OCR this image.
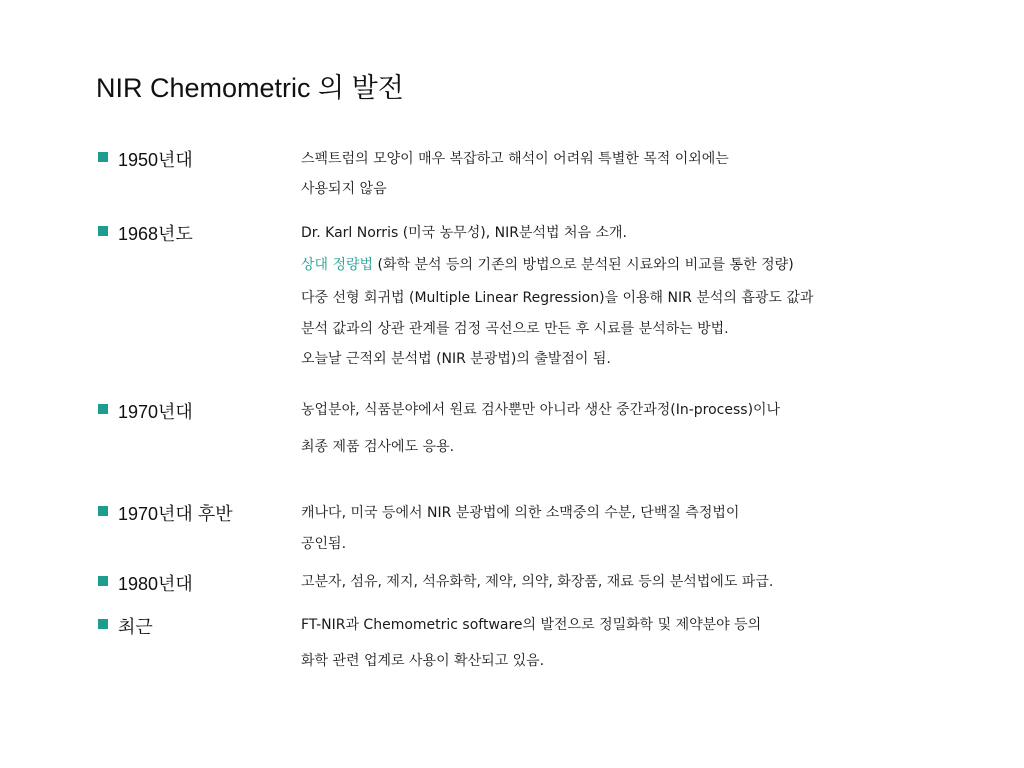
NIR Chemometric 의 발전
1950년대	스펙트럼의 모양이 매우 복잡하고 해석이 어려워 특별한 목적 이외에는
사용되지 않음
1968년도	Dr. Karl Norris (미국 농무성), NIR분석법 처음 소개.
상대 정량법 (화학 분석 등의 기존의 방법으로 분석된 시료와의 비교를 통한 정량)
다중 선형 회귀법 (Multiple Linear Regression)을 이용해 NIR 분석의 흡광도 값과
분석 값과의 상관 관계를 검정 곡선으로 만든 후 시료를 분석하는 방법.
오늘날 근적외 분석법 (NIR 분광법)의 출발점이 됨.
1970년대	농업분야, 식품분야에서 원료 검사뿐만 아니라 생산 중간과정(In-process)이나
최종 제품 검사에도 응용.
1970년대 후반	캐나다, 미국 등에서 NIR 분광법에 의한 소맥중의 수분, 단백질 측정법이
공인됨.
1980년대	고분자, 섬유, 제지, 석유화학, 제약, 의약, 화장품, 재료 등의 분석법에도 파급.
최근	FT-NIR과 Chemometric software의 발전으로 정밀화학 및 제약분야 등의
화학 관련 업계로 사용이 확산되고 있음.
